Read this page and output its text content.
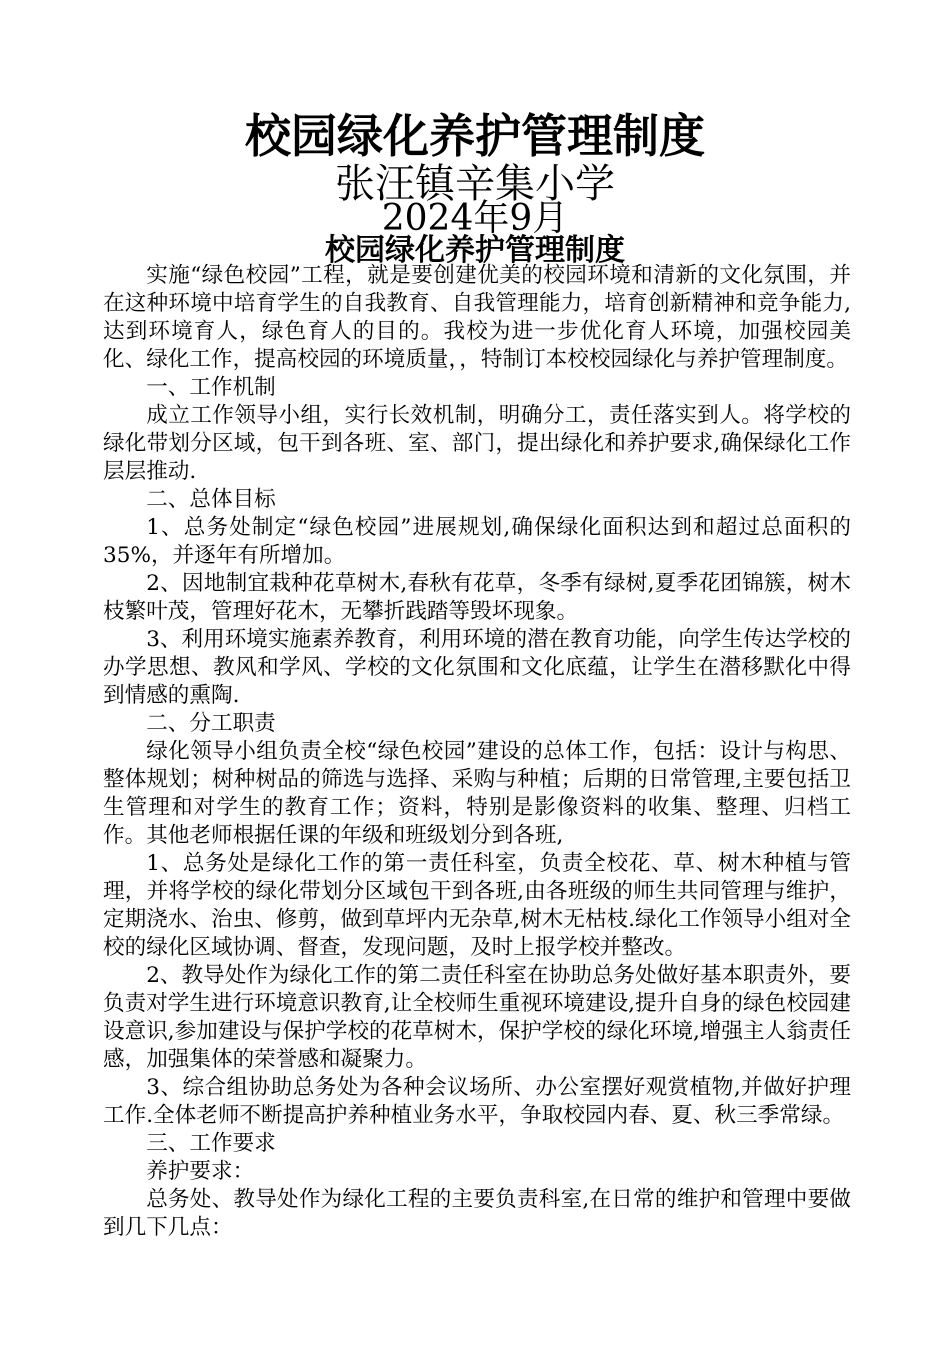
校园绿化养护管理制度
张汪镇辛集小学
2024年9月
校园绿化养护管理制度

实施“绿色校园”工程，就是要创建优美的校园环境和清新的文化氛围，并在这种环境中培育学生的自我教育、自我管理能力，培育创新精神和竞争能力,达到环境育人，绿色育人的目的。我校为进一步优化育人环境，加强校园美化、绿化工作，提高校园的环境质量，，特制订本校校园绿化与养护管理制度。

一、工作机制

成立工作领导小组，实行长效机制，明确分工，责任落实到人。将学校的绿化带划分区域，包干到各班、室、部门，提出绿化和养护要求,确保绿化工作层层推动.

二、总体目标

1、总务处制定“绿色校园”进展规划,确保绿化面积达到和超过总面积的35%，并逐年有所增加。

2、因地制宜栽种花草树木,春秋有花草，冬季有绿树,夏季花团锦簇，树木枝繁叶茂，管理好花木，无攀折践踏等毁坏现象。

3、利用环境实施素养教育，利用环境的潜在教育功能，向学生传达学校的办学思想、教风和学风、学校的文化氛围和文化底蕴，让学生在潜移默化中得到情感的熏陶.

二、分工职责

绿化领导小组负责全校“绿色校园”建设的总体工作，包括：设计与构思、整体规划；树种树品的筛选与选择、采购与种植；后期的日常管理,主要包括卫生管理和对学生的教育工作；资料，特别是影像资料的收集、整理、归档工作。其他老师根据任课的年级和班级划分到各班,

1、总务处是绿化工作的第一责任科室，负责全校花、草、树木种植与管理，并将学校的绿化带划分区域包干到各班,由各班级的师生共同管理与维护，定期浇水、治虫、修剪，做到草坪内无杂草,树木无枯枝.绿化工作领导小组对全校的绿化区域协调、督查，发现问题，及时上报学校并整改。

2、教导处作为绿化工作的第二责任科室在协助总务处做好基本职责外，要负责对学生进行环境意识教育,让全校师生重视环境建设,提升自身的绿色校园建设意识,参加建设与保护学校的花草树木，保护学校的绿化环境,增强主人翁责任感，加强集体的荣誉感和凝聚力。

3、综合组协助总务处为各种会议场所、办公室摆好观赏植物,并做好护理工作.全体老师不断提高护养种植业务水平，争取校园内春、夏、秋三季常绿。

三、工作要求

养护要求：

总务处、教导处作为绿化工程的主要负责科室,在日常的维护和管理中要做到几下几点：
